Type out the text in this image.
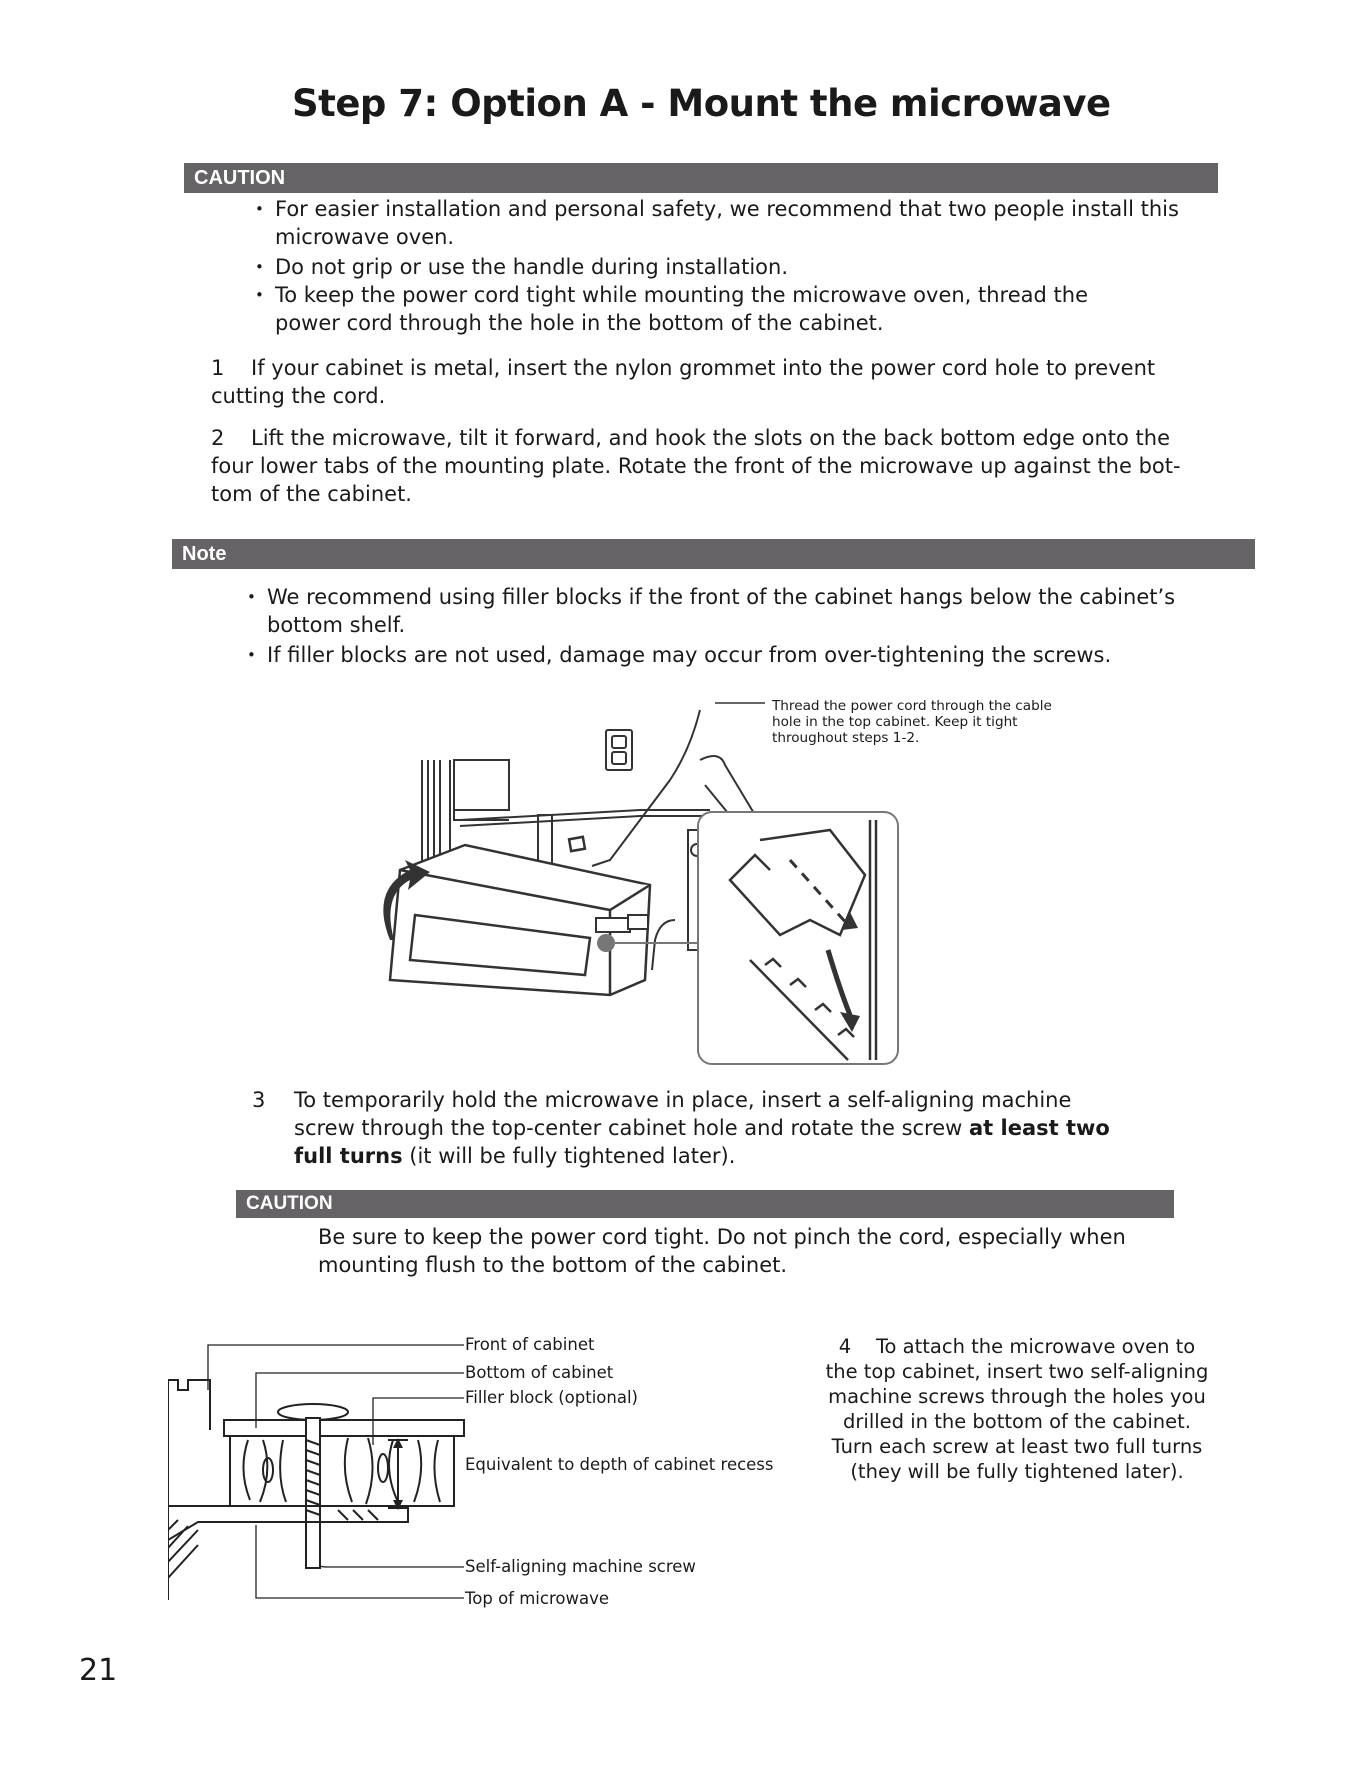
Step 7: Option A - Mount the microwave
CAUTION
• For easier installation and personal safety, we recommend that two people install this microwave oven.
• Do not grip or use the handle during installation.
• To keep the power cord tight while mounting the microwave oven, thread the power cord through the hole in the bottom of the cabinet.
1 If your cabinet is metal, insert the nylon grommet into the power cord hole to prevent cutting the cord.
2 Lift the microwave, tilt it forward, and hook the slots on the back bottom edge onto the four lower tabs of the mounting plate. Rotate the front of the microwave up against the bot-tom of the cabinet.
Note
• We recommend using filler blocks if the front of the cabinet hangs below the cabinet’s bottom shelf.
• If filler blocks are not used, damage may occur from over-tightening the screws.
Thread the power cord through the cable hole in the top cabinet. Keep it tight throughout steps 1-2.
3	To temporarily hold the microwave in place, insert a self-aligning machine screw through the top-center cabinet hole and rotate the screw at least two full turns (it will be fully tightened later).
CAUTION
Be sure to keep the power cord tight. Do not pinch the cord, especially when mounting flush to the bottom of the cabinet.
Front of cabinet
Bottom of cabinet
Filler block (optional)
Equivalent to depth of cabinet recess
Self-aligning machine screw
Top of microwave
4 To attach the microwave oven to the top cabinet, insert two self-aligning machine screws through the holes you drilled in the bottom of the cabinet. Turn each screw at least two full turns (they will be fully tightened later).
21
